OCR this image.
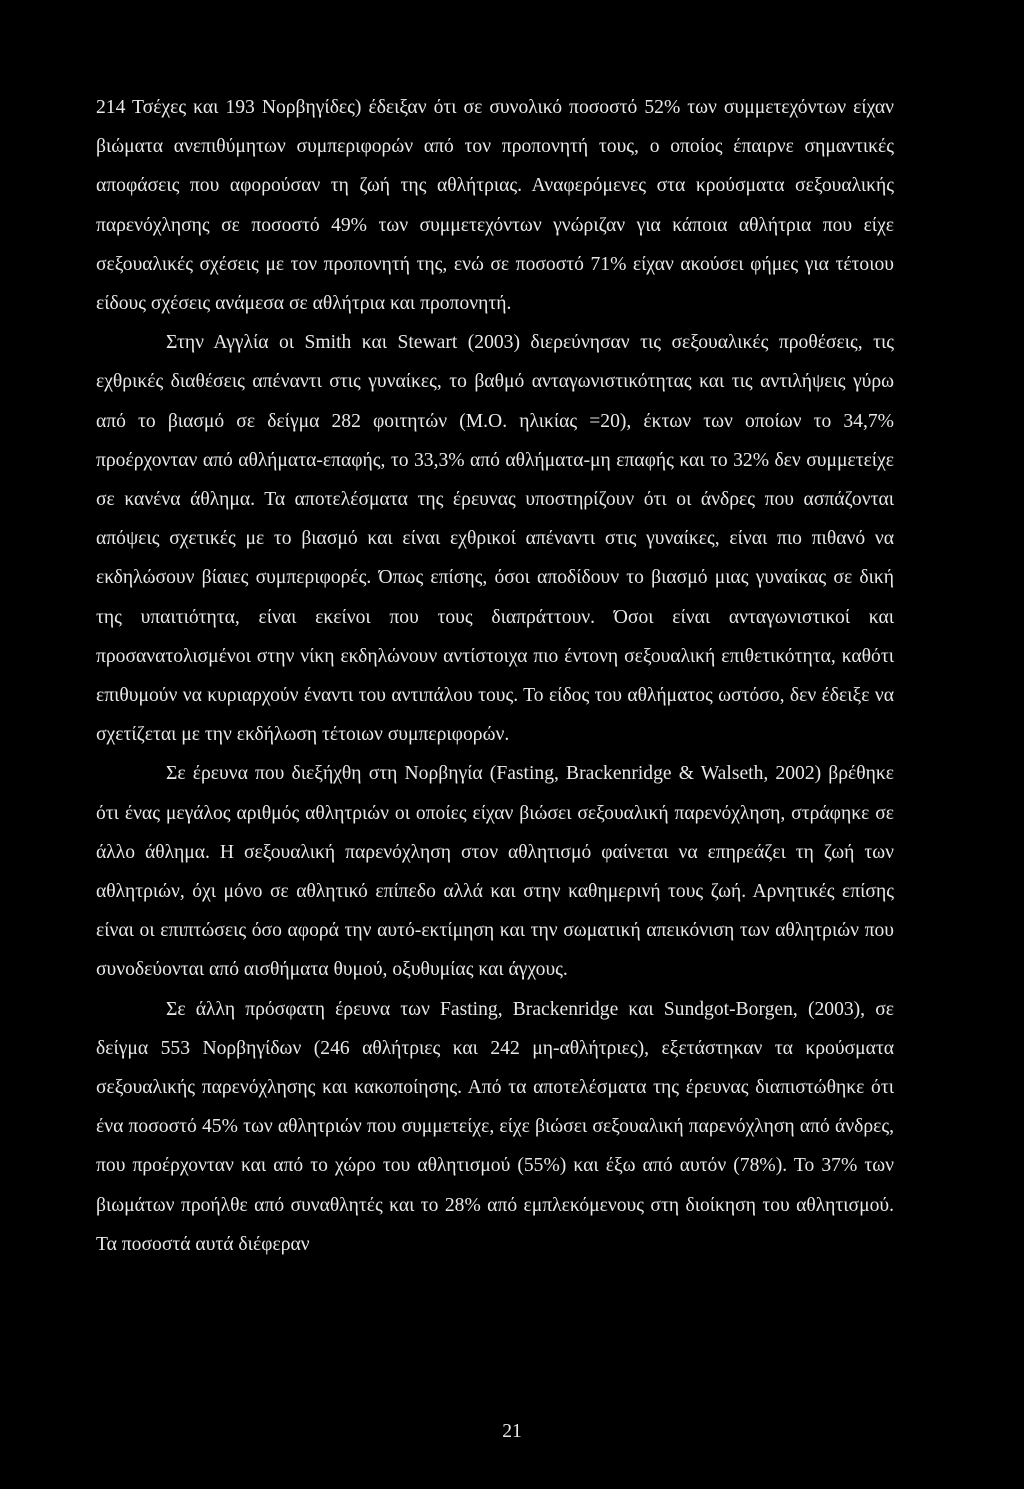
214 Τσέχες και 193 Νορβηγίδες) έδειξαν ότι σε συνολικό ποσοστό 52% των συμμετεχόντων είχαν βιώματα ανεπιθύμητων συμπεριφορών από τον προπονητή τους, ο οποίος έπαιρνε σημαντικές αποφάσεις που αφορούσαν τη ζωή της αθλήτριας. Αναφερόμενες στα κρούσματα σεξουαλικής παρενόχλησης σε ποσοστό 49% των συμμετεχόντων γνώριζαν για κάποια αθλήτρια που είχε σεξουαλικές σχέσεις με τον προπονητή της, ενώ σε ποσοστό 71% είχαν ακούσει φήμες για τέτοιου είδους σχέσεις ανάμεσα σε αθλήτρια και προπονητή.

Στην Αγγλία οι Smith και Stewart (2003) διερεύνησαν τις σεξουαλικές προθέσεις, τις εχθρικές διαθέσεις απέναντι στις γυναίκες, το βαθμό ανταγωνιστικότητας και τις αντιλήψεις γύρω από το βιασμό σε δείγμα 282 φοιτητών (Μ.Ο. ηλικίας =20), έκτων των οποίων το 34,7% προέρχονταν από αθλήματα-επαφής, το 33,3% από αθλήματα-μη επαφής και το 32% δεν συμμετείχε σε κανένα άθλημα. Τα αποτελέσματα της έρευνας υποστηρίζουν ότι οι άνδρες που ασπάζονται απόψεις σχετικές με το βιασμό και είναι εχθρικοί απέναντι στις γυναίκες, είναι πιο πιθανό να εκδηλώσουν βίαιες συμπεριφορές. Όπως επίσης, όσοι αποδίδουν το βιασμό μιας γυναίκας σε δική της υπαιτιότητα, είναι εκείνοι που τους διαπράττουν. Όσοι είναι ανταγωνιστικοί και προσανατολισμένοι στην νίκη εκδηλώνουν αντίστοιχα πιο έντονη σεξουαλική επιθετικότητα, καθότι επιθυμούν να κυριαρχούν έναντι του αντιπάλου τους. Το είδος του αθλήματος ωστόσο, δεν έδειξε να σχετίζεται με την εκδήλωση τέτοιων συμπεριφορών.

Σε έρευνα που διεξήχθη στη Νορβηγία (Fasting, Brackenridge & Walseth, 2002) βρέθηκε ότι ένας μεγάλος αριθμός αθλητριών οι οποίες είχαν βιώσει σεξουαλική παρενόχληση, στράφηκε σε άλλο άθλημα. Η σεξουαλική παρενόχληση στον αθλητισμό φαίνεται να επηρεάζει τη ζωή των αθλητριών, όχι μόνο σε αθλητικό επίπεδο αλλά και στην καθημερινή τους ζωή. Αρνητικές επίσης είναι οι επιπτώσεις όσο αφορά την αυτό-εκτίμηση και την σωματική απεικόνιση των αθλητριών που συνοδεύονται από αισθήματα θυμού, οξυθυμίας και άγχους.

Σε άλλη πρόσφατη έρευνα των Fasting, Brackenridge και Sundgot-Borgen, (2003), σε δείγμα 553 Νορβηγίδων (246 αθλήτριες και 242 μη-αθλήτριες), εξετάστηκαν τα κρούσματα σεξουαλικής παρενόχλησης και κακοποίησης. Από τα αποτελέσματα της έρευνας διαπιστώθηκε ότι ένα ποσοστό 45% των αθλητριών που συμμετείχε, είχε βιώσει σεξουαλική παρενόχληση από άνδρες, που προέρχονταν και από το χώρο του αθλητισμού (55%) και έξω από αυτόν (78%). Το 37% των βιωμάτων προήλθε από συναθλητές και το 28% από εμπλεκόμενους στη διοίκηση του αθλητισμού. Τα ποσοστά αυτά διέφεραν

21
